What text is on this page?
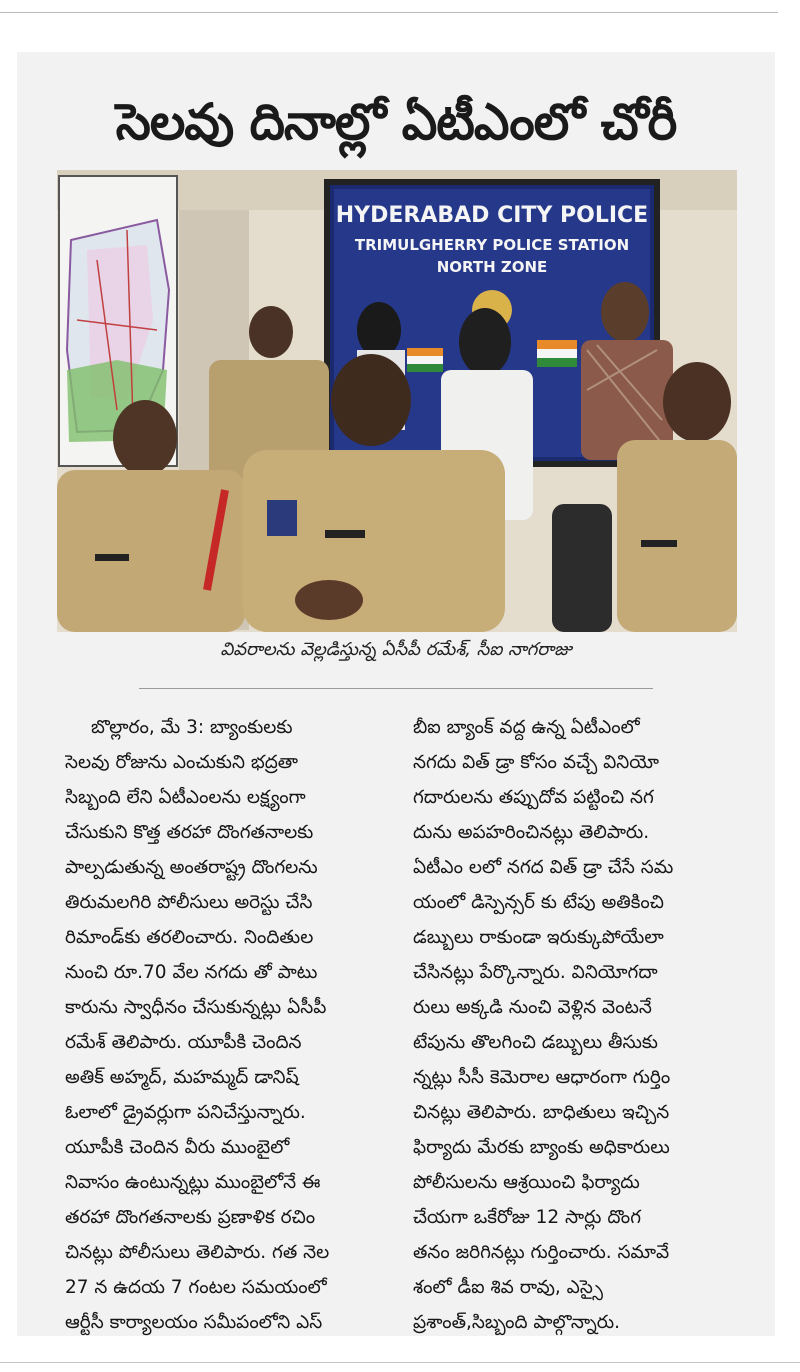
సెలవు దినాల్లో ఏటీఎంలో చోరీ
HYDERABAD CITY POLICE
TRIMULGHERRY POLICE STATION
NORTH ZONE
వివరాలను వెల్లడిస్తున్న ఏసీపీ రమేశ్, సీఐ నాగరాజు
బొల్లారం, మే 3: బ్యాంకులకు
సెలవు రోజును ఎంచుకుని భద్రతా
సిబ్బంది లేని ఏటీఎంలను లక్ష్యంగా
చేసుకుని కొత్త తరహా దొంగతనాలకు
పాల్పడుతున్న అంతరాష్ట్ర దొంగలను
తిరుమలగిరి పోలీసులు అరెస్టు చేసి
రిమాండ్‌కు తరలించారు. నిందితుల
నుంచి రూ.70 వేల నగదు తో పాటు
కారును స్వాధీనం చేసుకున్నట్లు ఏసీపీ
రమేశ్ తెలిపారు. యూపీకి చెందిన
అతిక్ అహ్మద్, మహమ్మద్ డానిష్
ఓలాలో డ్రైవర్లుగా పనిచేస్తున్నారు.
యూపీకి చెందిన వీరు ముంబైలో
నివాసం ఉంటున్నట్లు ముంబైలోనే ఈ
తరహా దొంగతనాలకు ప్రణాళిక రచిం
చినట్లు పోలీసులు తెలిపారు. గత నెల
27 న ఉదయ 7 గంటల సమయంలో
ఆర్టీసీ కార్యాలయం సమీపంలోని ఎస్
బీఐ బ్యాంక్ వద్ద ఉన్న ఏటీఎంలో
నగదు విత్ డ్రా కోసం వచ్చే వినియో
గదారులను తప్పుదోవ పట్టించి నగ
దును అపహరించినట్లు తెలిపారు.
ఏటీఎం లలో నగద విత్ డ్రా చేసే సమ
యంలో డిస్పెన్సర్ కు టేపు అతికించి
డబ్బులు రాకుండా ఇరుక్కుపోయేలా
చేసినట్లు పేర్కొన్నారు. వినియోగదా
రులు అక్కడి నుంచి వెళ్లిన వెంటనే
టేపును తొలగించి డబ్బులు తీసుకు
న్నట్లు సీసీ కెమెరాల ఆధారంగా గుర్తిం
చినట్లు తెలిపారు. బాధితులు ఇచ్చిన
ఫిర్యాదు మేరకు బ్యాంకు అధికారులు
పోలీసులను ఆశ్రయించి ఫిర్యాదు
చేయగా ఒకేరోజు 12 సార్లు దొంగ
తనం జరిగినట్లు గుర్తించారు. సమావే
శంలో డీఐ శివ రావు, ఎస్సై
ప్రశాంత్,సిబ్బంది పాల్గొన్నారు.
